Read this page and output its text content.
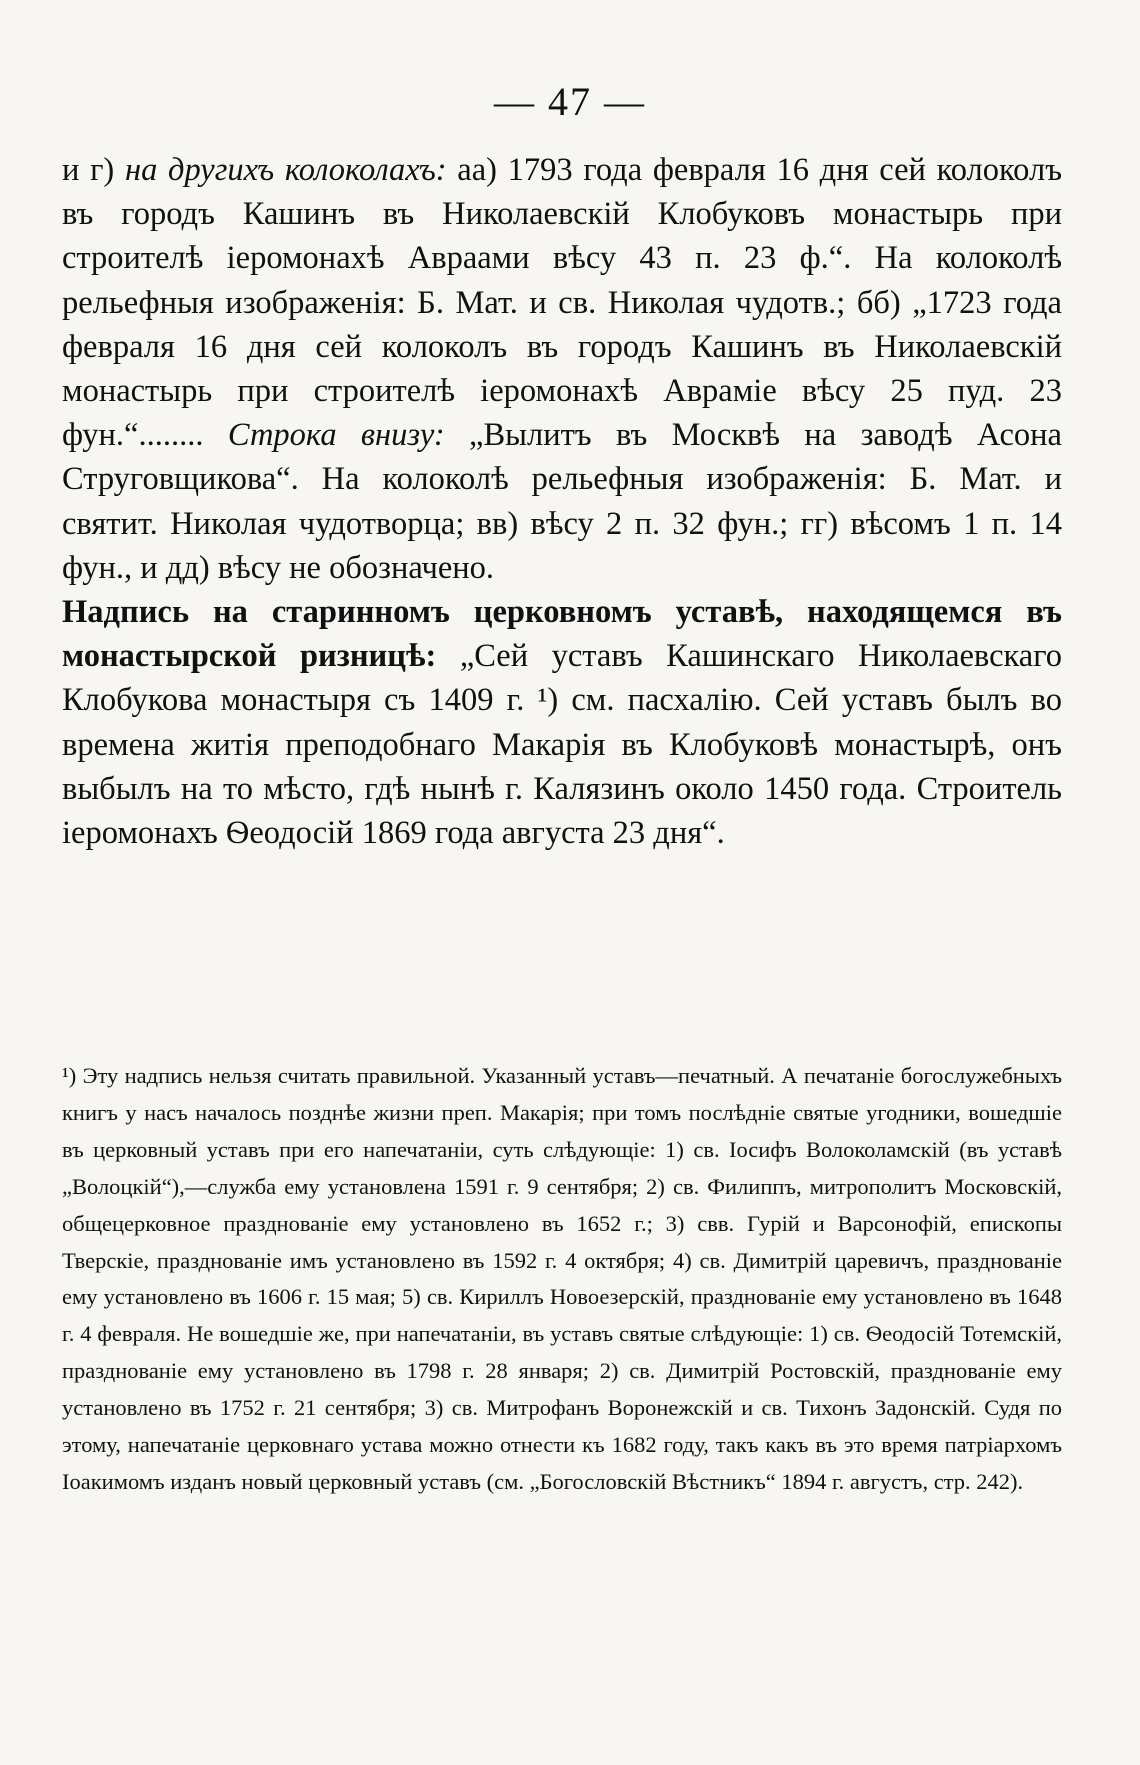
— 47 —

и г) на другихъ колоколахъ: аа) 1793 года февраля 16 дня сей колоколъ въ городъ Кашинъ въ Николаевскій Клобуковъ монастырь при строителѣ іеромонахѣ Авраами вѣсу 43 п. 23 ф.“. На колоколѣ рельефныя изображенія: Б. Мат. и св. Николая чудотв.; бб) „1723 года февраля 16 дня сей колоколъ въ городъ Кашинъ въ Николаевскій монастырь при строителѣ іеромонахѣ Авраміе вѣсу 25 пуд. 23 фун.“........ Строка внизу: „Вылитъ въ Москвѣ на заводѣ Асона Струговщикова“. На колоколѣ рельефныя изображенія: Б. Мат. и святит. Николая чудотворца; вв) вѣсу 2 п. 32 фун.; гг) вѣсомъ 1 п. 14 фун., и дд) вѣсу не обозначено.

Надпись на старинномъ церковномъ уставѣ, находящемся въ монастырской ризницѣ: „Сей уставъ Кашинскаго Николаевскаго Клобукова монастыря съ 1409 г. ¹) см. пасхалію. Сей уставъ былъ во времена житія преподобнаго Макарія въ Клобуковѣ монастырѣ, онъ выбылъ на то мѣсто, гдѣ нынѣ г. Калязинъ около 1450 года. Строитель іеромонахъ Ѳеодосій 1869 года августа 23 дня“.

¹) Эту надпись нельзя считать правильной. Указанный уставъ—печатный. А печатаніе богослужебныхъ книгъ у насъ началось позднѣе жизни преп. Макарія; при томъ послѣдніе святые угодники, вошедшіе въ церковный уставъ при его напечатаніи, суть слѣдующіе: 1) св. Іосифъ Волоколамскій (въ уставѣ „Волоцкій“),—служба ему установлена 1591 г. 9 сентября; 2) св. Филиппъ, митрополитъ Московскій, общецерковное празднованіе ему установлено въ 1652 г.; 3) свв. Гурій и Варсонофій, епископы Тверскіе, празднованіе имъ установлено въ 1592 г. 4 октября; 4) св. Димитрій царевичъ, празднованіе ему установлено въ 1606 г. 15 мая; 5) св. Кириллъ Новоезерскій, празднованіе ему установлено въ 1648 г. 4 февраля. Не вошедшіе же, при напечатаніи, въ уставъ святые слѣдующіе: 1) св. Ѳеодосій Тотемскій, празднованіе ему установлено въ 1798 г. 28 января; 2) св. Димитрій Ростовскій, празднованіе ему установлено въ 1752 г. 21 сентября; 3) св. Митрофанъ Воронежскій и св. Тихонъ Задонскій. Судя по этому, напечатаніе церковнаго устава можно отнести къ 1682 году, такъ какъ въ это время патріархомъ Іоакимомъ изданъ новый церковный уставъ (см. „Богословскій Вѣстникъ“ 1894 г. августъ, стр. 242).
